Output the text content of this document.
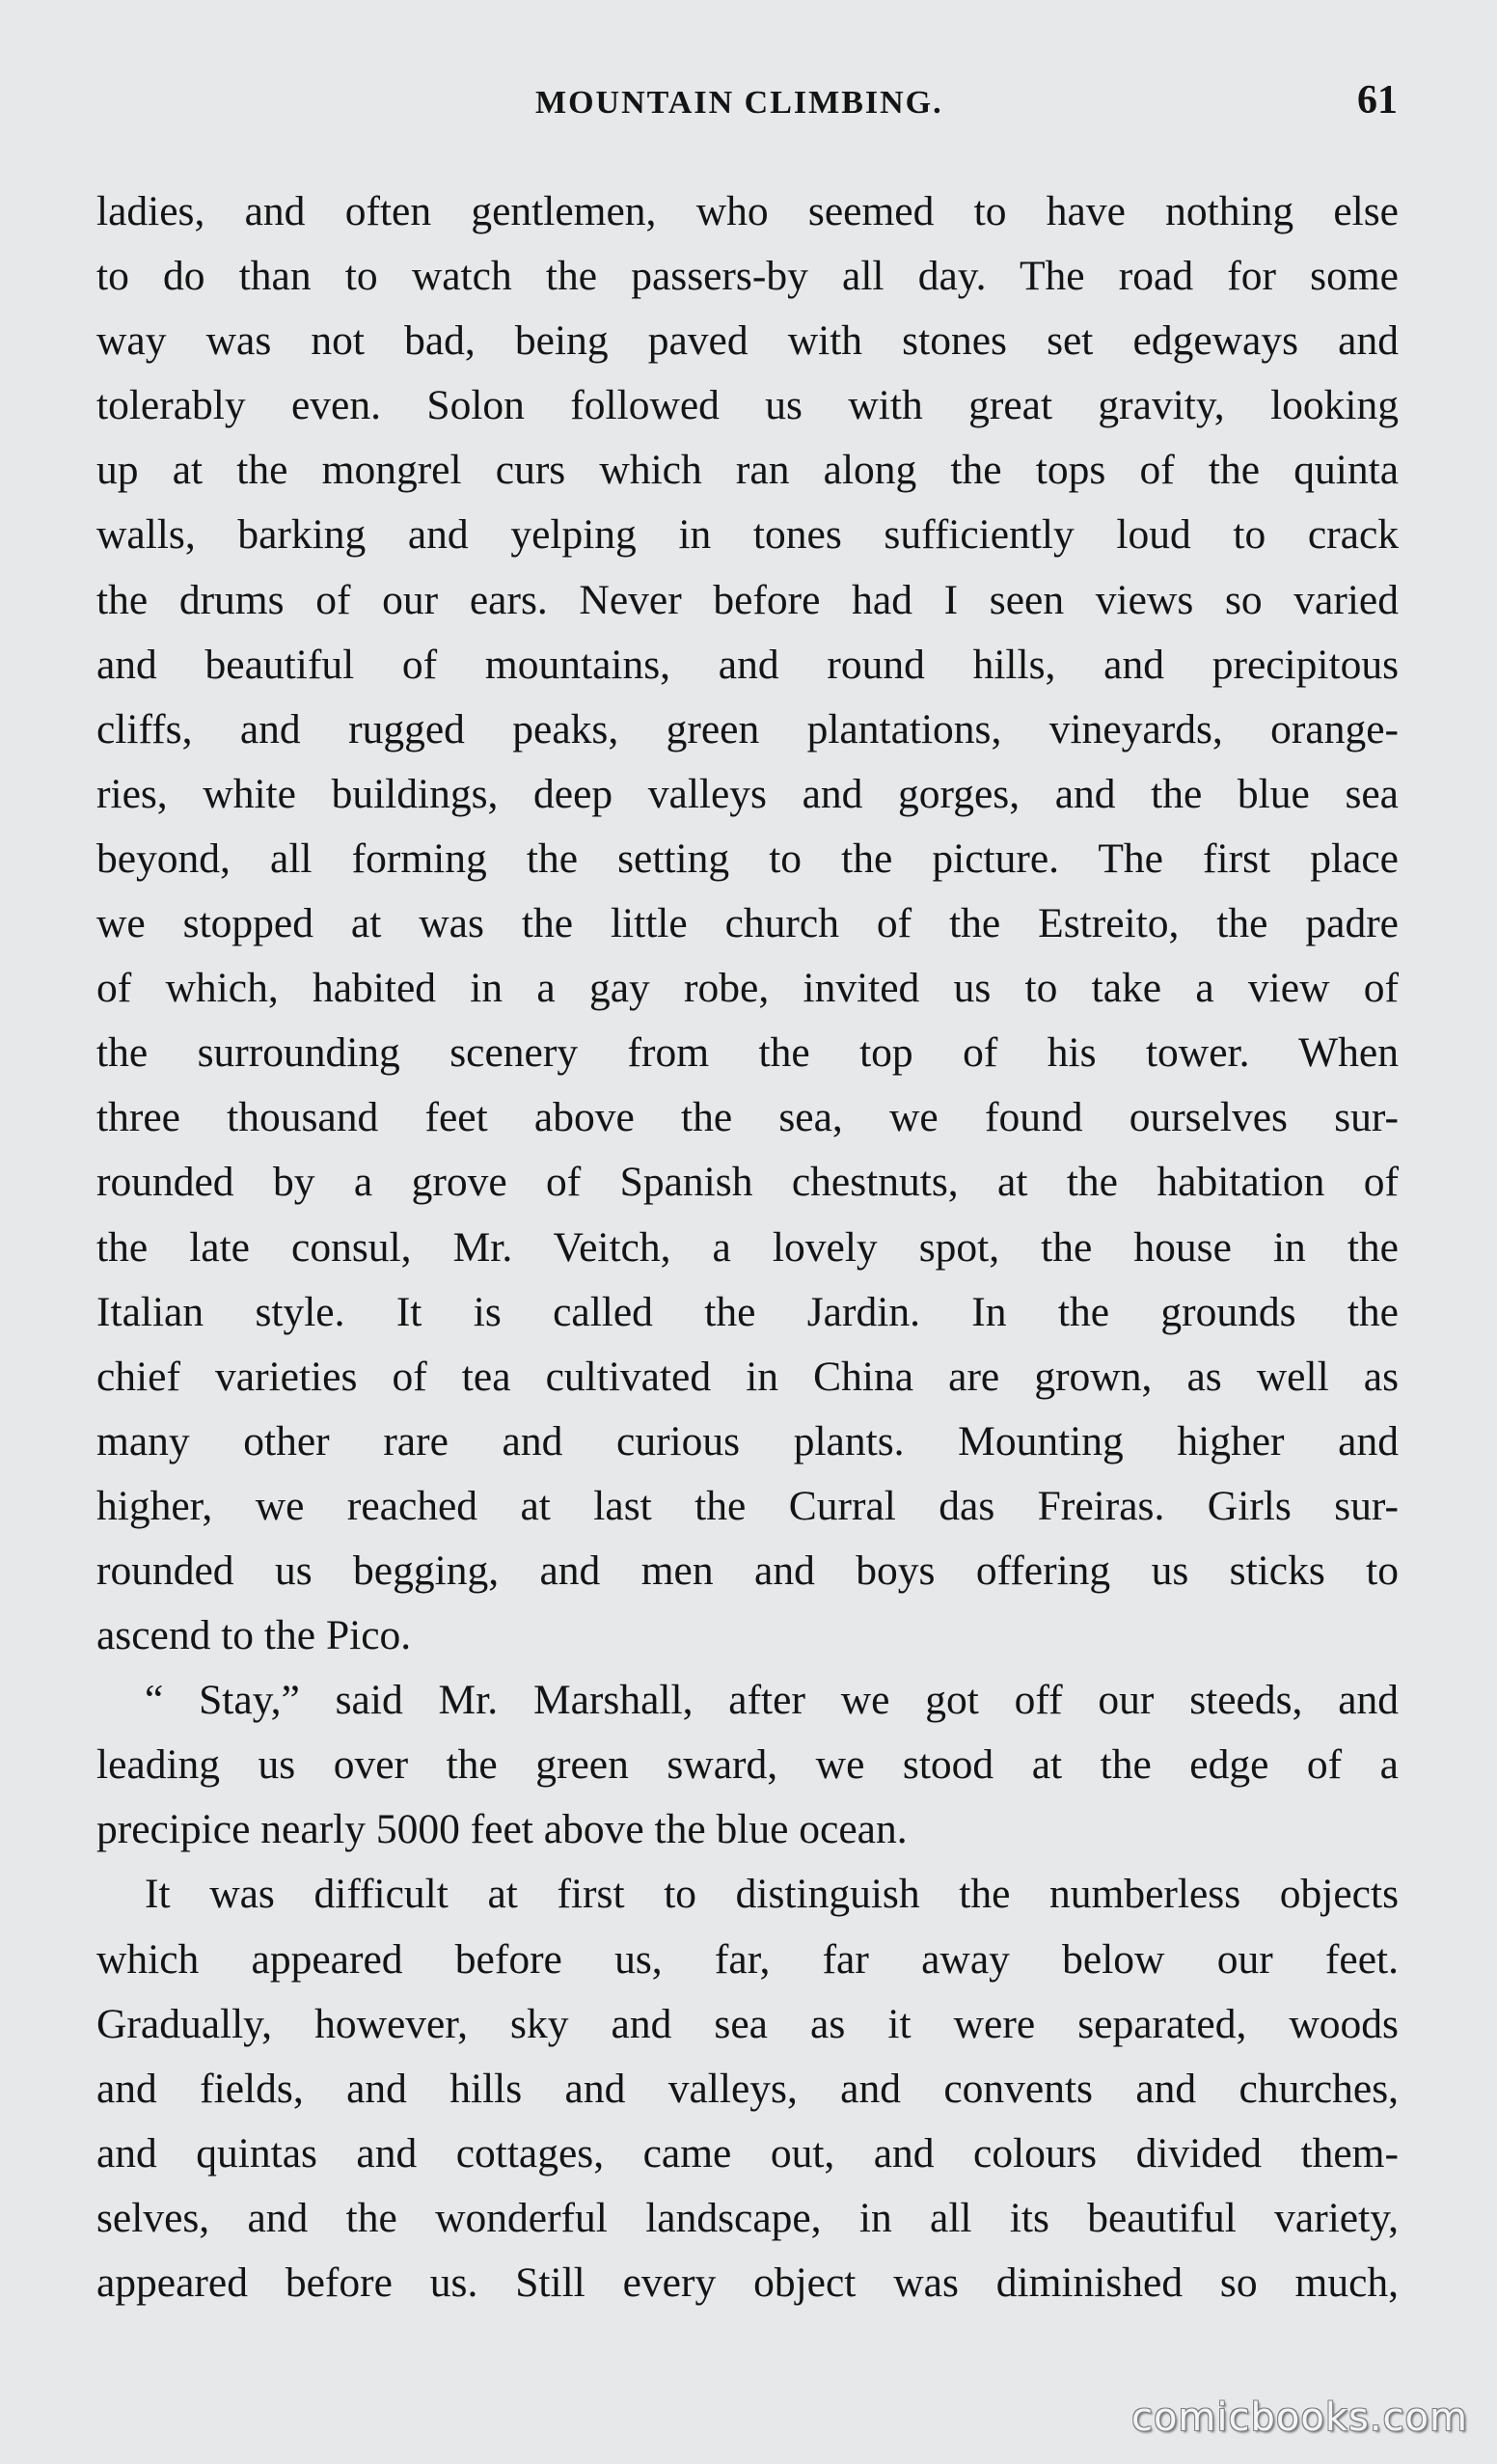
MOUNTAIN CLIMBING.	61
ladies, and often gentlemen, who seemed to have nothing else
to do than to watch the passers-by all day. The road for some
way was not bad, being paved with stones set edgeways and
tolerably even. Solon followed us with great gravity, looking
up at the mongrel curs which ran along the tops of the quinta
walls, barking and yelping in tones sufficiently loud to crack
the drums of our ears. Never before had I seen views so varied
and beautiful of mountains, and round hills, and precipitous
cliffs, and rugged peaks, green plantations, vineyards, orange-
ries, white buildings, deep valleys and gorges, and the blue sea
beyond, all forming the setting to the picture. The first place
we stopped at was the little church of the Estreito, the padre
of which, habited in a gay robe, invited us to take a view of
the surrounding scenery from the top of his tower. When
three thousand feet above the sea, we found ourselves sur-
rounded by a grove of Spanish chestnuts, at the habitation of
the late consul, Mr. Veitch, a lovely spot, the house in the
Italian style. It is called the Jardin. In the grounds the
chief varieties of tea cultivated in China are grown, as well as
many other rare and curious plants. Mounting higher and
higher, we reached at last the Curral das Freiras. Girls sur-
rounded us begging, and men and boys offering us sticks to
ascend to the Pico.
“ Stay,” said Mr. Marshall, after we got off our steeds, and
leading us over the green sward, we stood at the edge of a
precipice nearly 5000 feet above the blue ocean.
It was difficult at first to distinguish the numberless objects
which appeared before us, far, far away below our feet.
Gradually, however, sky and sea as it were separated, woods
and fields, and hills and valleys, and convents and churches,
and quintas and cottages, came out, and colours divided them-
selves, and the wonderful landscape, in all its beautiful variety,
appeared before us. Still every object was diminished so much,
comicbooks.com
